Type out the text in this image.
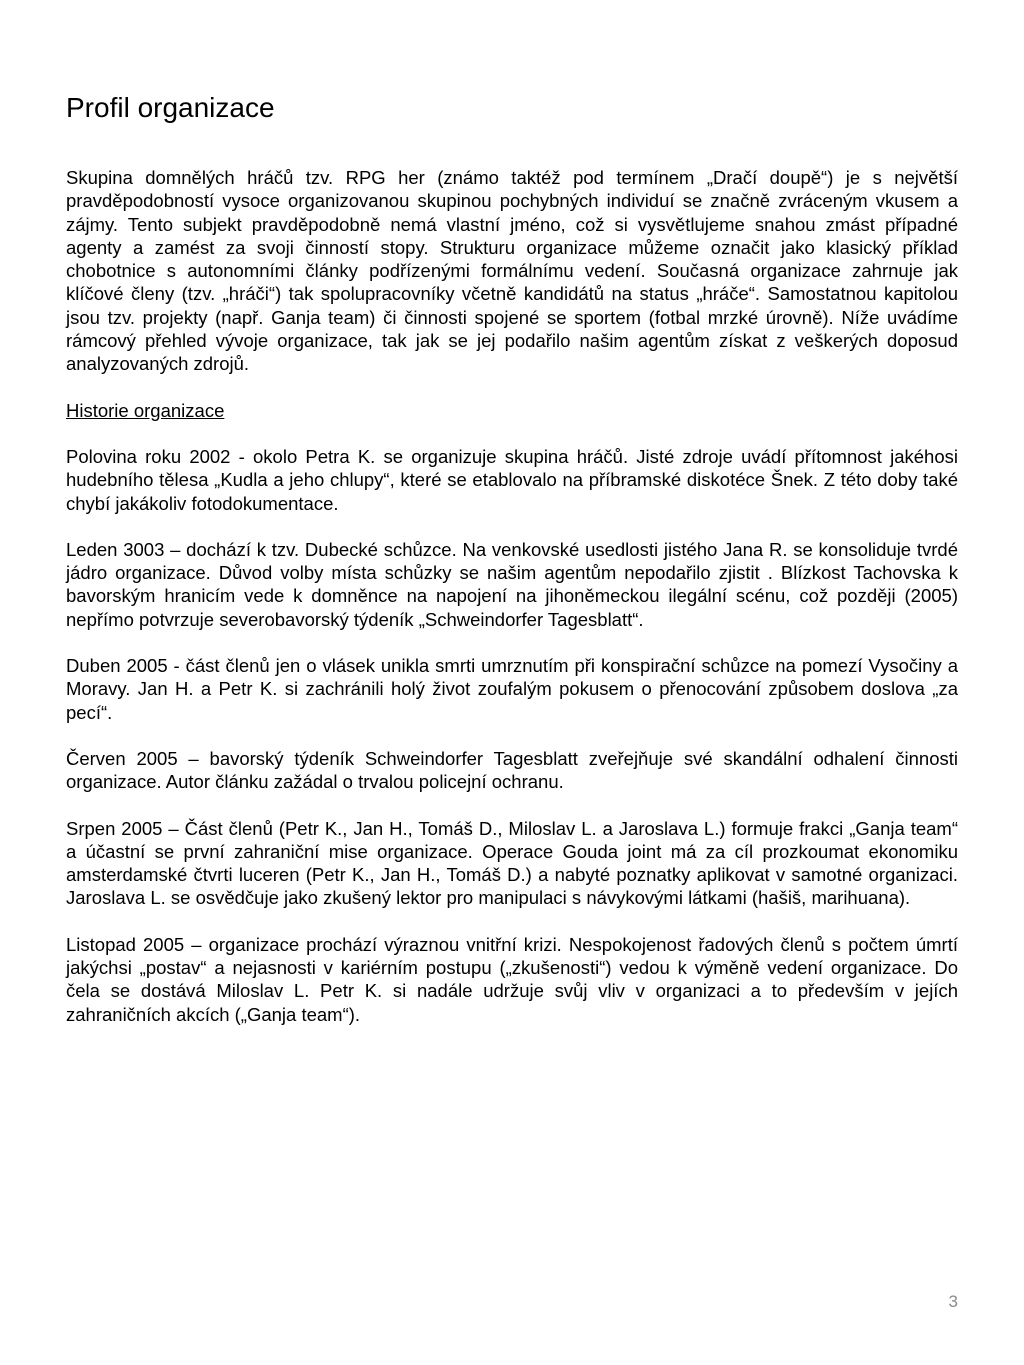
Profil organizace

Skupina domnělých hráčů tzv. RPG her (známo taktéž pod termínem „Dračí doupě“) je s největší pravděpodobností vysoce organizovanou skupinou pochybných individuí se značně zvráceným vkusem a zájmy. Tento subjekt pravděpodobně nemá vlastní jméno, což si vysvětlujeme snahou zmást případné agenty a zamést za svoji činností stopy. Strukturu organizace můžeme označit jako klasický příklad chobotnice s autonomními články podřízenými formálnímu vedení. Současná organizace zahrnuje jak klíčové členy (tzv. „hráči“) tak spolupracovníky včetně kandidátů na status „hráče“. Samostatnou kapitolou jsou tzv. projekty (např. Ganja team) či činnosti spojené se sportem (fotbal mrzké úrovně). Níže uvádíme rámcový přehled vývoje organizace, tak jak se jej podařilo našim agentům získat z veškerých doposud analyzovaných zdrojů.

Historie organizace

Polovina roku 2002 - okolo Petra K. se organizuje skupina hráčů. Jisté zdroje uvádí přítomnost jakéhosi hudebního tělesa „Kudla a jeho chlupy“, které se etablovalo na příbramské diskotéce Šnek. Z této doby také chybí jakákoliv fotodokumentace.

Leden 3003 – dochází k tzv. Dubecké schůzce. Na venkovské usedlosti jistého Jana R. se konsoliduje tvrdé jádro organizace. Důvod volby místa schůzky se našim agentům nepodařilo zjistit . Blízkost Tachovska k bavorským hranicím vede k domněnce na napojení na jihoněmeckou ilegální scénu, což později (2005) nepřímo potvrzuje severobavorský týdeník „Schweindorfer Tagesblatt“.

Duben 2005 - část členů jen o vlásek unikla smrti umrznutím při konspirační schůzce na pomezí Vysočiny a Moravy. Jan H. a Petr K. si zachránili holý život zoufalým pokusem o přenocování způsobem doslova „za pecí“.

Červen 2005 – bavorský týdeník Schweindorfer Tagesblatt zveřejňuje své skandální odhalení činnosti organizace. Autor článku zažádal o trvalou policejní ochranu.

Srpen 2005 – Část členů (Petr K., Jan H., Tomáš D., Miloslav L. a Jaroslava L.) formuje frakci „Ganja team“ a účastní se první zahraniční mise organizace. Operace Gouda joint má za cíl prozkoumat ekonomiku amsterdamské čtvrti luceren (Petr K., Jan H., Tomáš D.) a nabyté poznatky aplikovat v samotné organizaci. Jaroslava L. se osvědčuje jako zkušený lektor pro manipulaci s návykovými látkami (hašiš, marihuana).

Listopad 2005 – organizace prochází výraznou vnitřní krizi. Nespokojenost řadových členů s počtem úmrtí jakýchsi „postav“ a nejasnosti v kariérním postupu („zkušenosti“) vedou k výměně vedení organizace. Do čela se dostává Miloslav L. Petr K. si nadále udržuje svůj vliv v organizaci a to především v jejích zahraničních akcích („Ganja team“).

3
